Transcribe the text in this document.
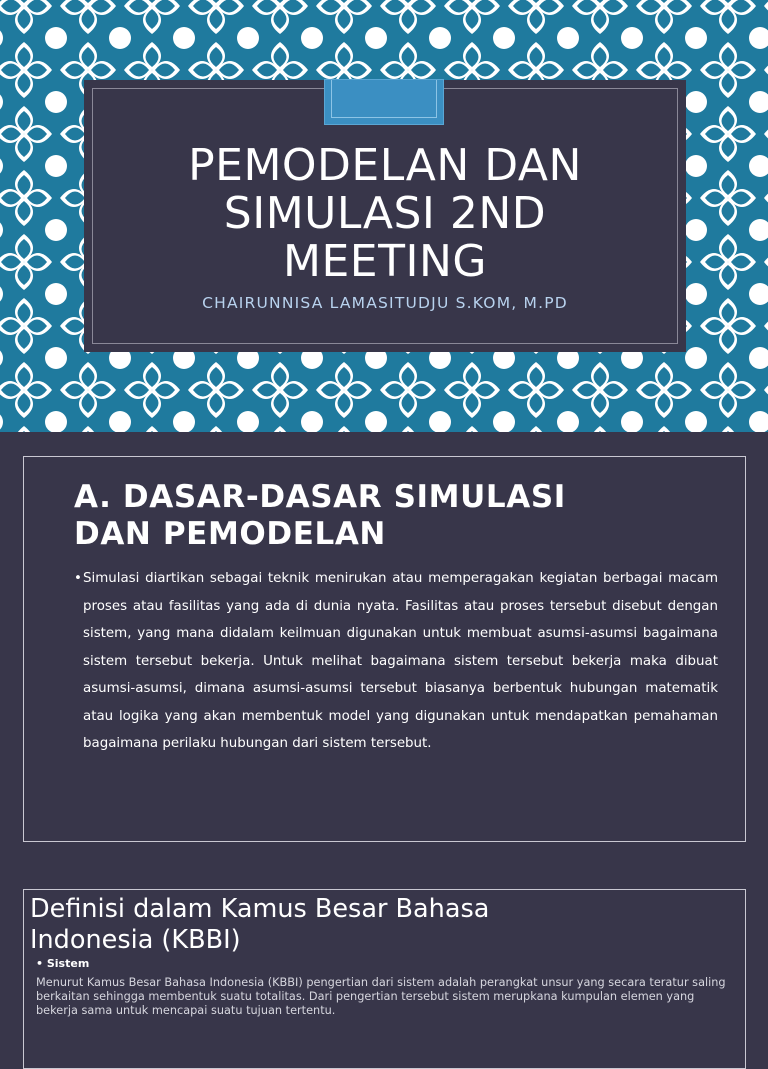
PEMODELAN DAN
SIMULASI 2ND
MEETING
CHAIRUNNISA LAMASITUDJU S.KOM, M.PD
A. DASAR-DASAR SIMULASI
DAN PEMODELAN
• Simulasi diartikan sebagai teknik menirukan atau memperagakan kegiatan berbagai macam proses atau fasilitas yang ada di dunia nyata. Fasilitas atau proses tersebut disebut dengan sistem, yang mana didalam keilmuan digunakan untuk membuat asumsi-asumsi bagaimana sistem tersebut bekerja. Untuk melihat bagaimana sistem tersebut bekerja maka dibuat asumsi-asumsi, dimana asumsi-asumsi tersebut biasanya berbentuk hubungan matematik atau logika yang akan membentuk model yang digunakan untuk mendapatkan pemahaman bagaimana perilaku hubungan dari sistem tersebut.

Definisi dalam Kamus Besar Bahasa
Indonesia (KBBI)
• Sistem
Menurut Kamus Besar Bahasa Indonesia (KBBI) pengertian dari sistem adalah perangkat unsur yang secara teratur saling berkaitan sehingga membentuk suatu totalitas. Dari pengertian tersebut sistem merupkana kumpulan elemen yang bekerja sama untuk mencapai suatu tujuan tertentu.
